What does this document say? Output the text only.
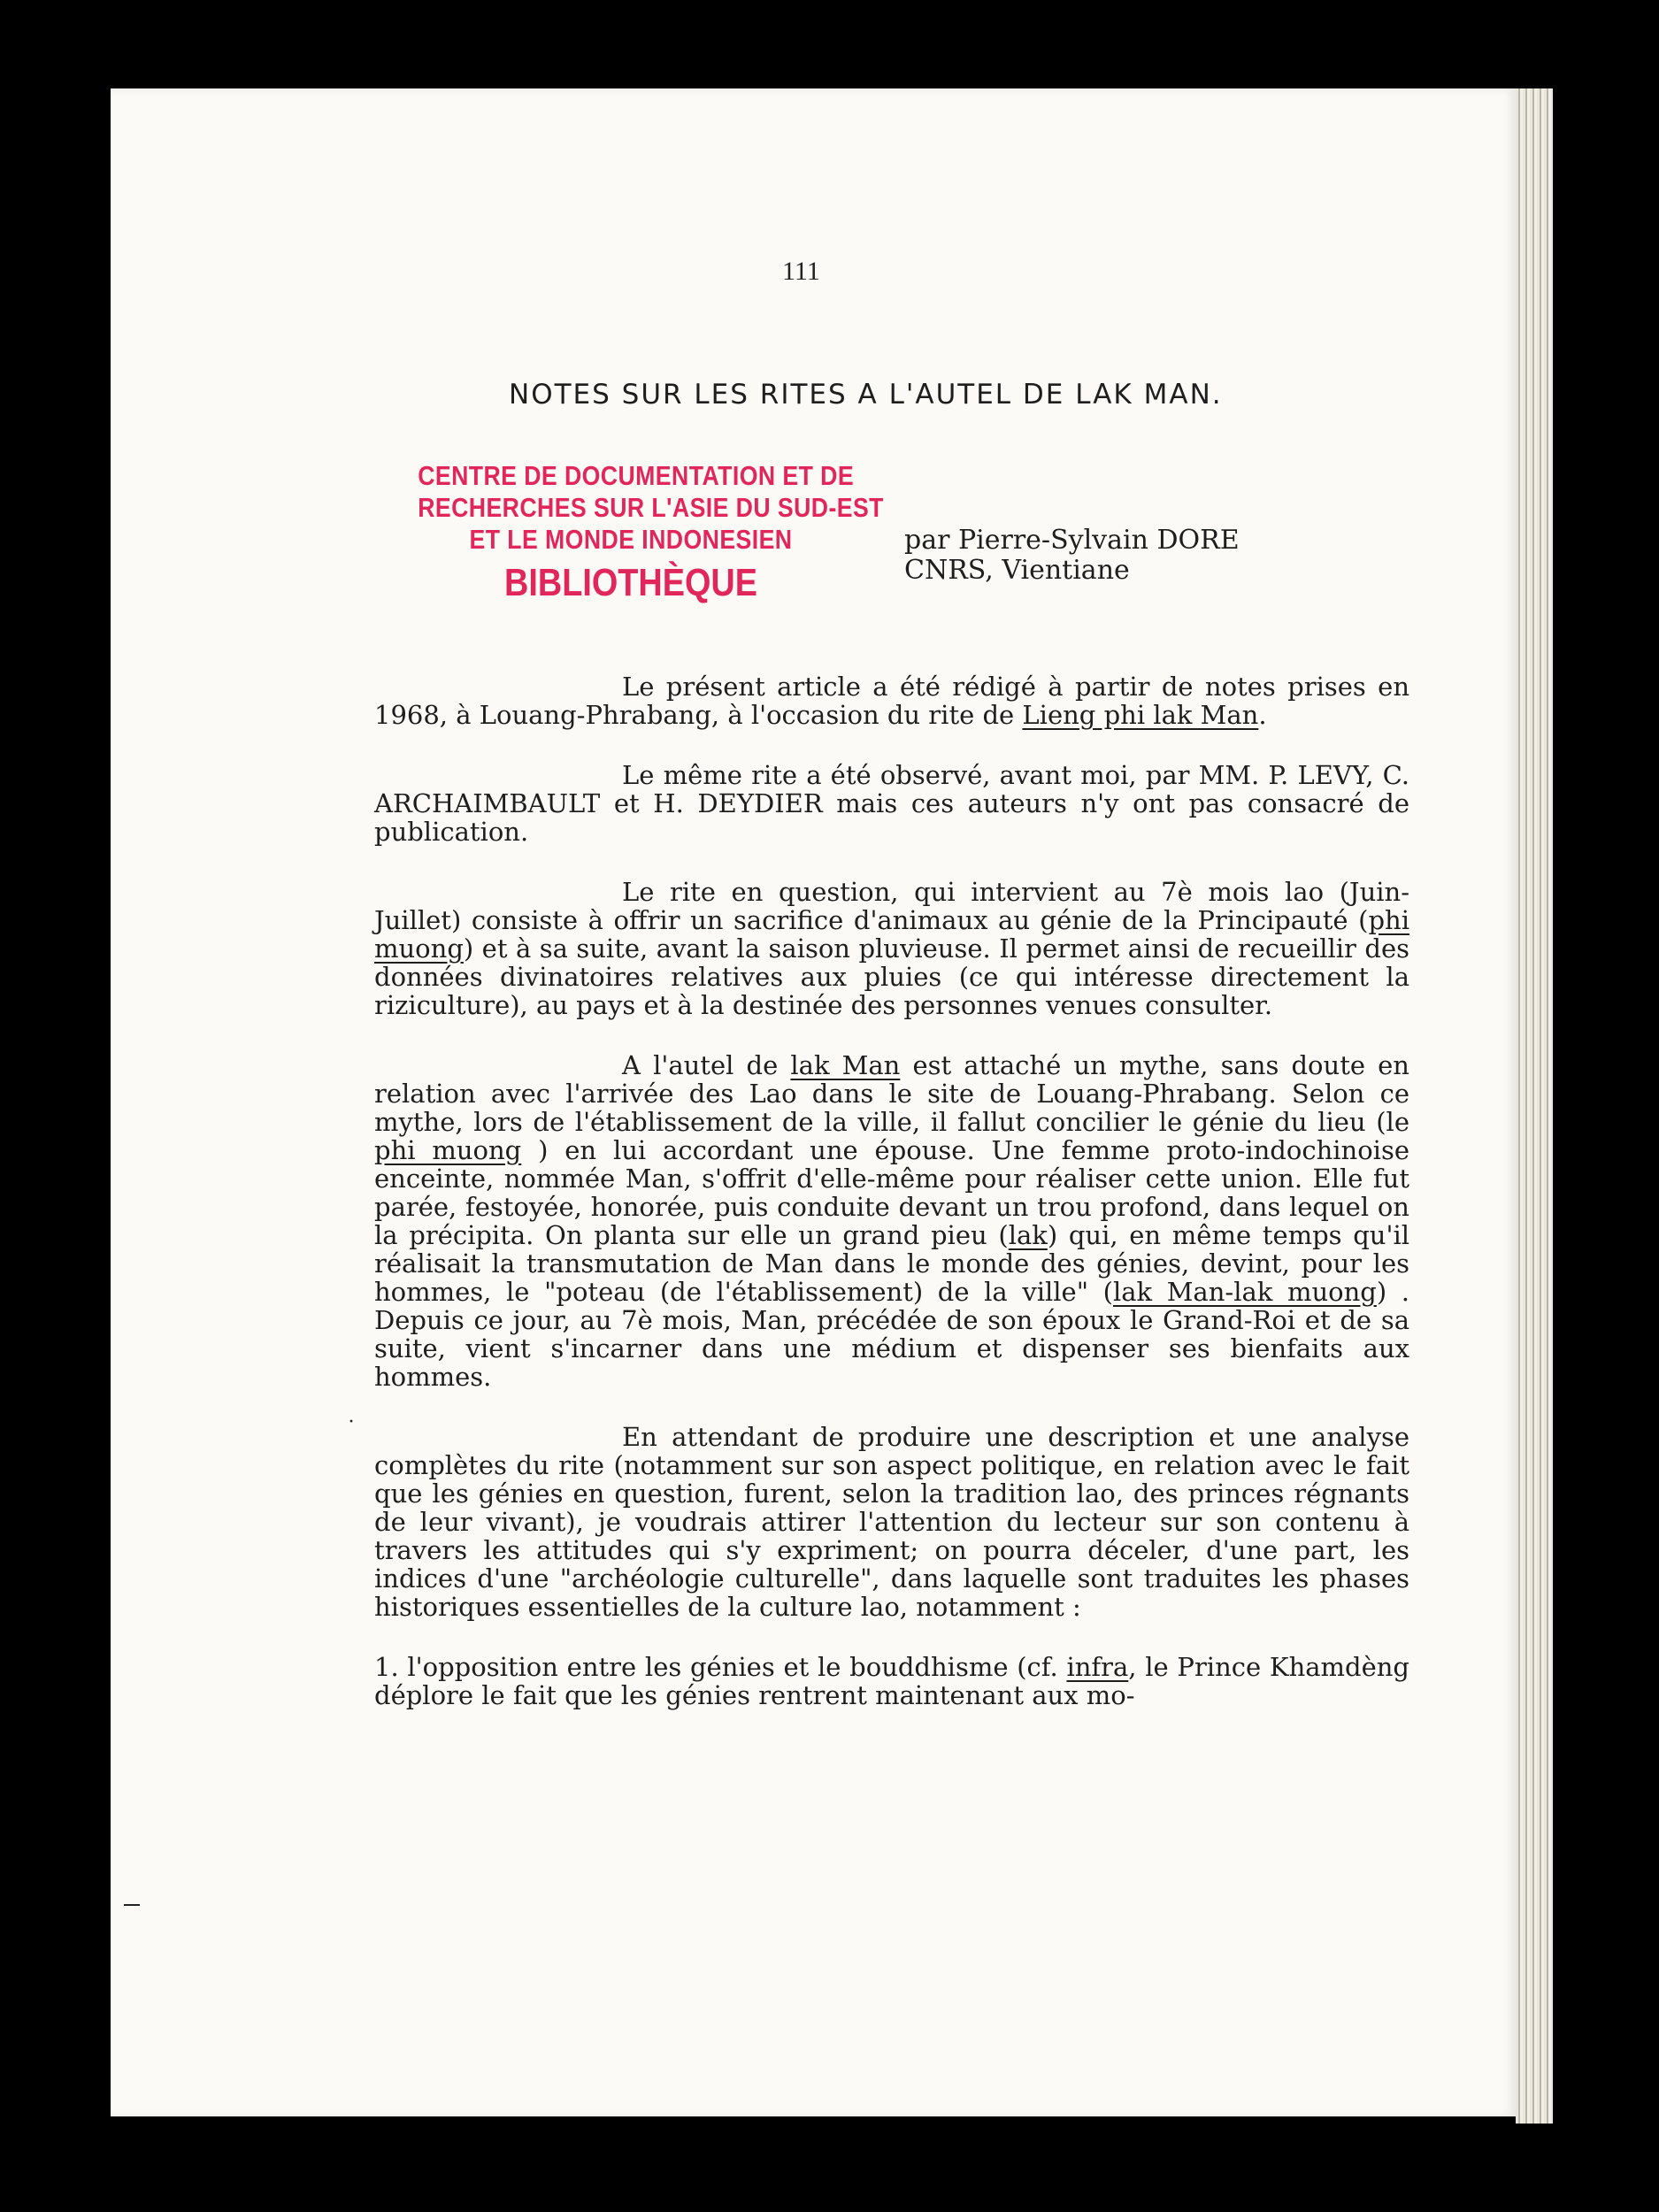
·
111
NOTES SUR LES RITES A L'AUTEL DE LAK MAN.
CENTRE DE DOCUMENTATION ET DE
RECHERCHES SUR L'ASIE DU SUD-EST
ET LE MONDE INDONESIEN
BIBLIOTHÈQUE
par Pierre-Sylvain DORE
CNRS, Vientiane

Le présent article a été rédigé à partir de notes prises en 1968, à Louang-Phrabang, à l'occasion du rite de Lieng phi lak Man.

Le même rite a été observé, avant moi, par MM. P. LEVY, C. ARCHAIMBAULT et H. DEYDIER mais ces auteurs n'y ont pas consacré de publication.

Le rite en question, qui intervient au 7è mois lao (Juin-Juillet) consiste à offrir un sacrifice d'animaux au génie de la Principauté (phi muong) et à sa suite, avant la saison pluvieuse. Il permet ainsi de recueillir des données divinatoires relatives aux pluies (ce qui intéresse directement la riziculture), au pays et à la destinée des personnes venues consulter.

A l'autel de lak Man est attaché un mythe, sans doute en relation avec l'arrivée des Lao dans le site de Louang-Phrabang. Selon ce mythe, lors de l'établissement de la ville, il fallut concilier le génie du lieu (le phi muong ) en lui accordant une épouse. Une femme proto-indochinoise enceinte, nommée Man, s'offrit d'elle-même pour réaliser cette union. Elle fut parée, festoyée, honorée, puis conduite devant un trou profond, dans lequel on la précipita. On planta sur elle un grand pieu (lak) qui, en même temps qu'il réalisait la transmutation de Man dans le monde des génies, devint, pour les hommes, le "poteau (de l'établissement) de la ville" (lak Man-lak muong) . Depuis ce jour, au 7è mois, Man, précédée de son époux le Grand-Roi et de sa suite, vient s'incarner dans une médium et dispenser ses bienfaits aux hommes.

En attendant de produire une description et une analyse complètes du rite (notamment sur son aspect politique, en relation avec le fait que les génies en question, furent, selon la tradition lao, des princes régnants de leur vivant), je voudrais attirer l'attention du lecteur sur son contenu à travers les attitudes qui s'y expriment; on pourra déceler, d'une part, les indices d'une "archéologie culturelle", dans laquelle sont traduites les phases historiques essentielles de la culture lao, notamment :

1. l'opposition entre les génies et le bouddhisme (cf. infra, le Prince Khamdèng déplore le fait que les génies rentrent maintenant aux mo-
